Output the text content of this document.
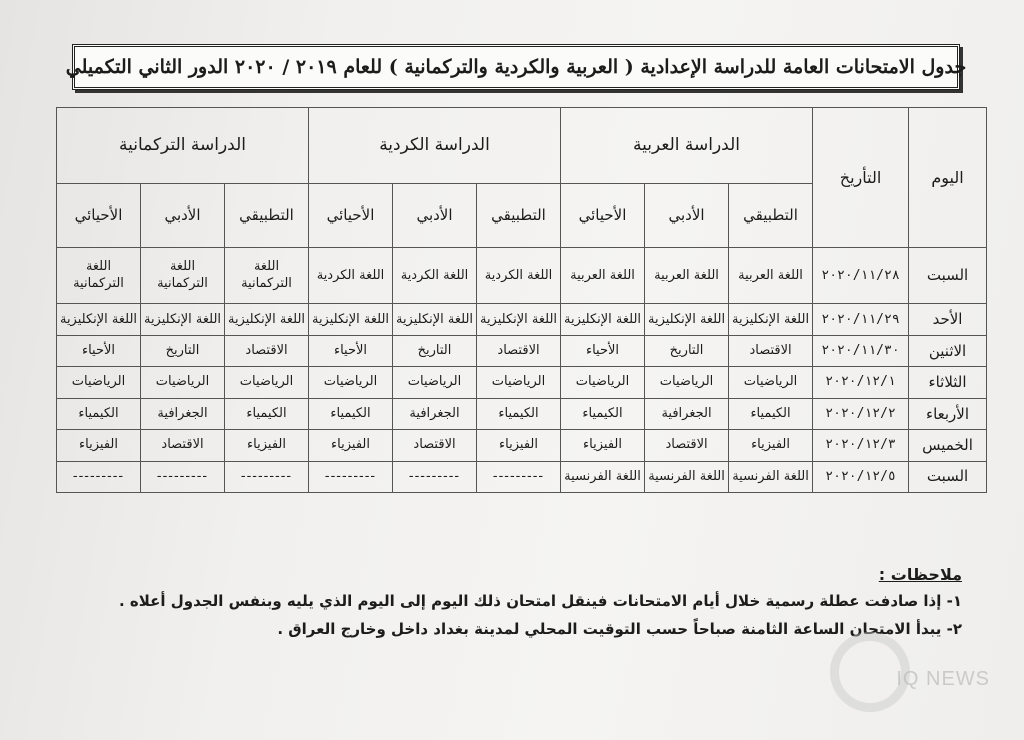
جدول الامتحانات العامة للدراسة الإعدادية ( العربية والكردية والتركمانية ) للعام ٢٠١٩ / ٢٠٢٠ الدور الثاني التكميلي
اليوم	التأريخ	الدراسة العربية			الدراسة الكردية			الدراسة التركمانية		
		التطبيقي	الأدبي	الأحيائي	التطبيقي	الأدبي	الأحيائي	التطبيقي	الأدبي	الأحيائي
السبت	٢٠٢٠/١١/٢٨	اللغة العربية	اللغة العربية	اللغة العربية	اللغة الكردية	اللغة الكردية	اللغة الكردية	اللغة التركمانية	اللغة التركمانية	اللغة التركمانية
الأحد	٢٠٢٠/١١/٢٩	اللغة الإنكليزية	اللغة الإنكليزية	اللغة الإنكليزية	اللغة الإنكليزية	اللغة الإنكليزية	اللغة الإنكليزية	اللغة الإنكليزية	اللغة الإنكليزية	اللغة الإنكليزية
الاثنين	٢٠٢٠/١١/٣٠	الاقتصاد	التاريخ	الأحياء	الاقتصاد	التاريخ	الأحياء	الاقتصاد	التاريخ	الأحياء
الثلاثاء	٢٠٢٠/١٢/١	الرياضيات	الرياضيات	الرياضيات	الرياضيات	الرياضيات	الرياضيات	الرياضيات	الرياضيات	الرياضيات
الأربعاء	٢٠٢٠/١٢/٢	الكيمياء	الجغرافية	الكيمياء	الكيمياء	الجغرافية	الكيمياء	الكيمياء	الجغرافية	الكيمياء
الخميس	٢٠٢٠/١٢/٣	الفيزياء	الاقتصاد	الفيزياء	الفيزياء	الاقتصاد	الفيزياء	الفيزياء	الاقتصاد	الفيزياء
السبت	٢٠٢٠/١٢/٥	اللغة الفرنسية	اللغة الفرنسية	اللغة الفرنسية	---------	---------	---------	---------	---------	---------
ملاحظات :
١- إذا صادفت عطلة رسمية خلال أيام الامتحانات فينقل امتحان ذلك اليوم إلى اليوم الذي يليه وبنفس الجدول أعلاه .
٢- يبدأ الامتحان الساعة الثامنة صباحاً حسب التوقيت المحلي لمدينة بغداد داخل وخارج العراق .
IQ NEWS
